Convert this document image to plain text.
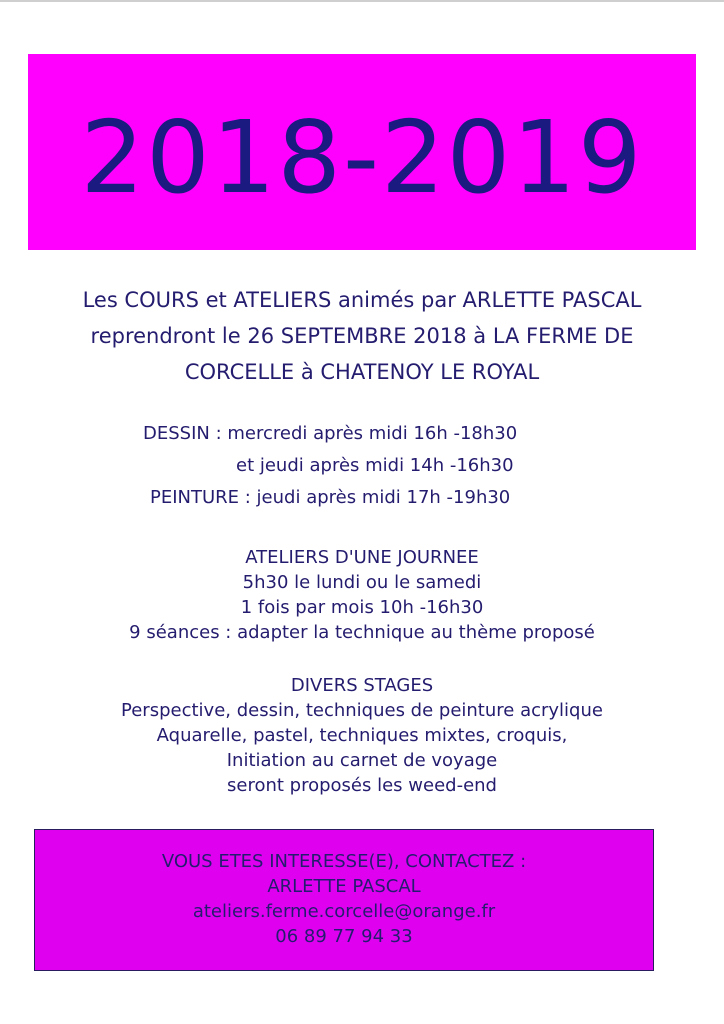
2018-2019
Les COURS et ATELIERS animés par ARLETTE PASCAL
reprendront le 26 SEPTEMBRE 2018 à LA FERME DE
CORCELLE à CHATENOY LE ROYAL
DESSIN : mercredi après midi 16h -18h30
et jeudi après midi 14h -16h30
PEINTURE : jeudi après midi 17h -19h30
ATELIERS D'UNE JOURNEE
5h30 le lundi ou le samedi
1 fois par mois 10h -16h30
9 séances : adapter la technique au thème proposé
DIVERS STAGES
Perspective, dessin, techniques de peinture acrylique
Aquarelle, pastel, techniques mixtes, croquis,
Initiation au carnet de voyage
seront proposés les weed-end
VOUS ETES INTERESSE(E), CONTACTEZ :
ARLETTE PASCAL
ateliers.ferme.corcelle@orange.fr
06 89 77 94 33
